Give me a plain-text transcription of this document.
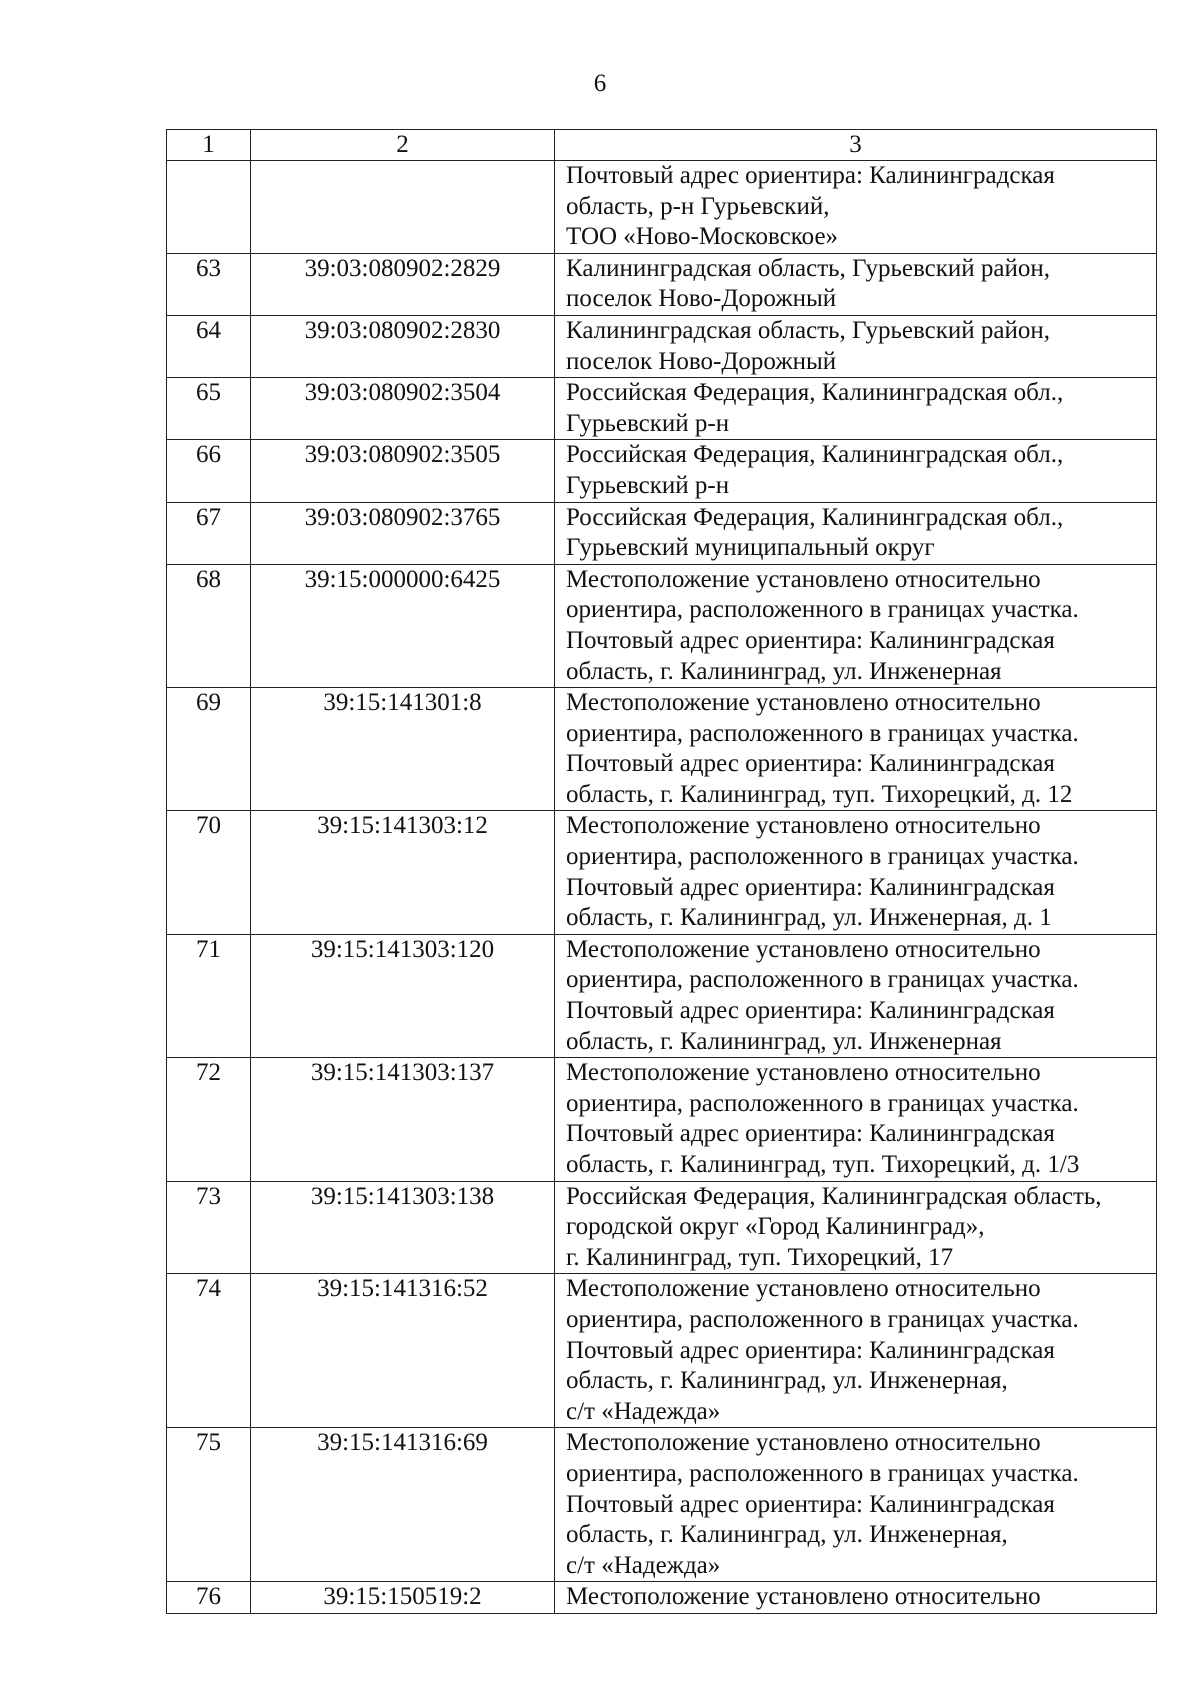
6
1	2	3

		Почтовый адрес ориентира: Калининградская
область, р-н Гурьевский,
ТОО «Ново-Московское»

63	39:03:080902:2829	Калининградская область, Гурьевский район,
поселок Ново-Дорожный

64	39:03:080902:2830	Калининградская область, Гурьевский район,
поселок Ново-Дорожный

65	39:03:080902:3504	Российская Федерация, Калининградская обл.,
Гурьевский р-н

66	39:03:080902:3505	Российская Федерация, Калининградская обл.,
Гурьевский р-н

67	39:03:080902:3765	Российская Федерация, Калининградская обл.,
Гурьевский муниципальный округ

68	39:15:000000:6425	Местоположение установлено относительно
ориентира, расположенного в границах участка.
Почтовый адрес ориентира: Калининградская
область, г. Калининград, ул. Инженерная

69	39:15:141301:8	Местоположение установлено относительно
ориентира, расположенного в границах участка.
Почтовый адрес ориентира: Калининградская
область, г. Калининград, туп. Тихорецкий, д. 12

70	39:15:141303:12	Местоположение установлено относительно
ориентира, расположенного в границах участка.
Почтовый адрес ориентира: Калининградская
область, г. Калининград, ул. Инженерная, д. 1

71	39:15:141303:120	Местоположение установлено относительно
ориентира, расположенного в границах участка.
Почтовый адрес ориентира: Калининградская
область, г. Калининград, ул. Инженерная

72	39:15:141303:137	Местоположение установлено относительно
ориентира, расположенного в границах участка.
Почтовый адрес ориентира: Калининградская
область, г. Калининград, туп. Тихорецкий, д. 1/3

73	39:15:141303:138	Российская Федерация, Калининградская область,
городской округ «Город Калининград»,
г. Калининград, туп. Тихорецкий, 17

74	39:15:141316:52	Местоположение установлено относительно
ориентира, расположенного в границах участка.
Почтовый адрес ориентира: Калининградская
область, г. Калининград, ул. Инженерная,
с/т «Надежда»

75	39:15:141316:69	Местоположение установлено относительно
ориентира, расположенного в границах участка.
Почтовый адрес ориентира: Калининградская
область, г. Калининград, ул. Инженерная,
с/т «Надежда»

76	39:15:150519:2	Местоположение установлено относительно
